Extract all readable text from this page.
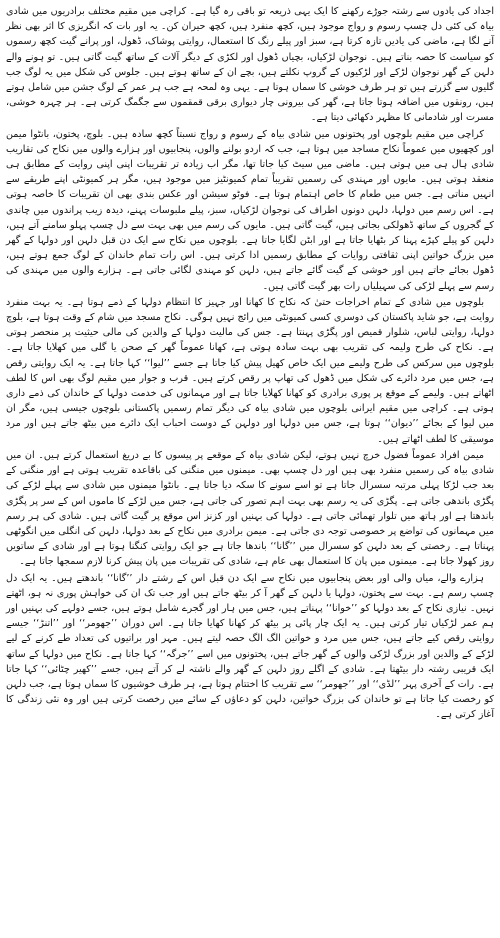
اجداد کی یادوں سے رشتہ جوڑے رکھنے کا ایک یہی ذریعہ تو باقی رہ گیا ہے۔ کراچی میں مقیم مختلف برادریوں میں شادی بیاہ کی کئی دل چسپ رسوم و رواج موجود ہیں، کچھ منفرد ہیں، کچھ حیران کن۔ یہ اور بات کہ انگریزی کا اثر بھی نظر آنے لگا ہے، ماضی کی یادیں تازہ کرتا ہے، سبز اور پیلے رنگ کا استعمال، روایتی پوشاک، ڈھول، اور پرانے گیت کچھ رسموں کو سیاست کا حصہ بناتے ہیں۔ نوجوان لڑکیاں، بچیاں ڈھول اور لکڑی کے دیگر آلات کے ساتھ گیت گاتی ہیں۔ تو ہونے والے دلہن کے گھر نوجوان لڑکے اور لڑکیوں کے گروپ نکلتے ہیں، بچے ان کے ساتھ ہوتے ہیں۔ جلوس کی شکل میں یہ لوگ جب گلیوں سے گزرتے ہیں تو ہر طرف خوشی کا سماں ہوتا ہے۔ یہی وہ لمحہ ہے جب ہر عمر کے لوگ جشن میں شامل ہوتے ہیں، رونقوں میں اضافہ ہوتا جاتا ہے، گھر کی بیرونی چار دیواری برقی قمقموں سے جگمگ کرتی ہے۔ ہر چہرہ خوشی، مسرت اور شادمانی کا مظہر دکھائی دیتا ہے۔

کراچی میں مقیم بلوچوں اور پختونوں میں شادی بیاہ کے رسوم و رواج نسبتاً کچھ سادہ ہیں۔ بلوچ، پختون، بانٹوا میمن اور کچھیوں میں عموماً نکاح مساجد میں ہوتا ہے، جب کہ اردو بولنے والوں، پنجابیوں اور ہزارے والوں میں نکاح کی تقاریب شادی ہال ہی میں ہوتی ہیں۔ ماضی میں سیٹ کیا جاتا تھا، مگر اب زیادہ تر تقریبات اپنی اپنی روایت کے مطابق ہی منعقد ہوتی ہیں۔ مایوں اور مہندی کی رسمیں تقریباً تمام کمیونٹیز میں موجود ہیں، مگر ہر کمیونٹی اپنے طریقے سے انہیں مناتی ہے۔ جس میں طعام کا خاص اہتمام ہوتا ہے۔ فوٹو سیشن اور عکس بندی بھی ان تقریبات کا خاصہ ہوتی ہے۔ اس رسم میں دولہا، دلہن دونوں اطراف کی نوجوان لڑکیاں، سبز، پیلے ملبوسات پہنے، دیدہ زیب پراندوں میں چاندی کے گجروں کے ساتھ ڈھولکی بجاتی ہیں، گیت گاتی ہیں۔ مایوں کی رسم میں بھی بہت سے دل چسپ پہلو سامنے آتے ہیں، دلہن کو پیلے کپڑے پہنا کر بٹھایا جاتا ہے اور ابٹن لگایا جاتا ہے۔ بلوچوں میں نکاح سے ایک دن قبل دلہن اور دولہا کے گھر میں بزرگ خواتین اپنی ثقافتی روایات کے مطابق رسمیں ادا کرتی ہیں۔ اس رات تمام خاندان کے لوگ جمع ہوتے ہیں، ڈھول بجائے جاتے ہیں اور خوشی کے گیت گائے جاتے ہیں، دلہن کو مہندی لگائی جاتی ہے۔ ہزارے والوں میں مہندی کی رسم سے پہلے لڑکی کی سہیلیاں رات بھر گیت گاتی ہیں۔

بلوچوں میں شادی کے تمام اخراجات حتیٰ کہ نکاح کا کھانا اور جہیز کا انتظام دولہا کے ذمے ہوتا ہے۔ یہ بہت منفرد روایت ہے، جو شاید پاکستان کی دوسری کسی کمیونٹی میں رائج نہیں ہوگی۔ نکاح مسجد میں شام کے وقت ہوتا ہے، بلوچ دولہا، روایتی لباس، شلوار قمیص اور پگڑی پہنتا ہے۔ جس کی مالیت دولہا کے والدین کی مالی حیثیت پر منحصر ہوتی ہے۔ نکاح کی طرح ولیمہ کی تقریب بھی بہت سادہ ہوتی ہے، کھانا عموماً گھر کے صحن یا گلی میں کھلایا جاتا ہے۔ بلوچوں میں سرکس کی طرح ولیمے میں ایک خاص کھیل پیش کیا جاتا ہے جسے ’’لیوا‘‘ کہا جاتا ہے۔ یہ ایک روایتی رقص ہے، جس میں مرد دائرے کی شکل میں ڈھول کی تھاپ پر رقص کرتے ہیں۔ قرب و جوار میں مقیم لوگ بھی اس کا لطف اٹھاتے ہیں۔ ولیمے کے موقع پر پوری برادری کو کھانا کھلایا جاتا ہے اور مہمانوں کی خدمت دولہا کے خاندان کی ذمے داری ہوتی ہے۔ کراچی میں مقیم ایرانی بلوچوں میں شادی بیاہ کی دیگر تمام رسمیں پاکستانی بلوچوں جیسی ہیں، مگر ان میں لیوا کے بجائے ’’دیوان‘‘ ہوتا ہے، جس میں دولہا اور دولہن کے دوست احباب ایک دائرے میں بیٹھ جاتے ہیں اور مرد موسیقی کا لطف اٹھاتے ہیں۔

میمن افراد عموماً فضول خرچ نہیں ہوتے، لیکن شادی بیاہ کے موقعے پر پیسوں کا بے دریغ استعمال کرتے ہیں۔ ان میں شادی بیاہ کی رسمیں منفرد بھی ہیں اور دل چسپ بھی۔ میمنوں میں منگنی کی باقاعدہ تقریب ہوتی ہے اور منگنی کے بعد جب لڑکا پہلی مرتبہ سسرال جاتا ہے تو اسے سونے کا سکہ دیا جاتا ہے۔ بانٹوا میمنوں میں شادی سے پہلے لڑکے کی پگڑی باندھی جاتی ہے۔ پگڑی کی یہ رسم بھی بہت اہم تصور کی جاتی ہے، جس میں لڑکے کا ماموں اس کے سر پر پگڑی باندھتا ہے اور ہاتھ میں تلوار تھمائی جاتی ہے۔ دولہا کی بہنیں اور کزنز اس موقع پر گیت گاتی ہیں۔ شادی کی ہر رسم میں مہمانوں کی تواضع پر خصوصی توجہ دی جاتی ہے۔ میمن برادری میں نکاح کے بعد دولہا، دلہن کی انگلی میں انگوٹھی پہناتا ہے۔ رخصتی کے بعد دلہن کو سسرال میں ’’گانا‘‘ باندھا جاتا ہے جو ایک روایتی کنگنا ہوتا ہے اور شادی کے ساتویں روز کھولا جاتا ہے۔ میمنوں میں پان کا استعمال بھی عام ہے، شادی کی تقریبات میں پان پیش کرنا لازم سمجھا جاتا ہے۔

ہزارے والے، میاں والی اور بعض پنجابیوں میں نکاح سے ایک دن قبل اس کے رشتے دار ’’گانا‘‘ باندھتے ہیں۔ یہ ایک دل چسپ رسم ہے۔ بہت سے پختون، دولہا یا دلہن کے گھر آ کر بیٹھ جاتے ہیں اور جب تک ان کی خواہش پوری نہ ہو، اٹھتے نہیں۔ نیازی نکاح کے بعد دولہا کو ’’خوانا‘‘ پہناتے ہیں، جس میں ہار اور گجرے شامل ہوتے ہیں، جسے دولہے کی بہنیں اور ہم عمر لڑکیاں تیار کرتی ہیں۔ یہ ایک چار پائی پر بیٹھ کر کھانا کھایا جاتا ہے۔ اس دوران ’’جھومر‘‘ اور ’’اتنڑ‘‘ جیسے روایتی رقص کیے جاتے ہیں، جس میں مرد و خواتین الگ الگ حصہ لیتے ہیں۔ مہر اور براتیوں کی تعداد طے کرنے کے لیے لڑکے کے والدین اور بزرگ لڑکی والوں کے گھر جاتے ہیں، پختونوں میں اسے ’’جرگہ‘‘ کہا جاتا ہے۔ نکاح میں دولہا کے ساتھ ایک قریبی رشتہ دار بیٹھتا ہے۔ شادی کے اگلے روز دلہن کے گھر والے ناشتہ لے کر آتے ہیں، جسے ’’کھیر چٹائی‘‘ کہا جاتا ہے۔ رات کے آخری پہر ’’لڈی‘‘ اور ’’جھومر‘‘ سے تقریب کا اختتام ہوتا ہے، ہر طرف خوشیوں کا سماں ہوتا ہے، جب دلہن کو رخصت کیا جاتا ہے تو خاندان کی بزرگ خواتین، دلہن کو دعاؤں کے سائے میں رخصت کرتی ہیں اور وہ نئی زندگی کا آغاز کرتی ہے۔
